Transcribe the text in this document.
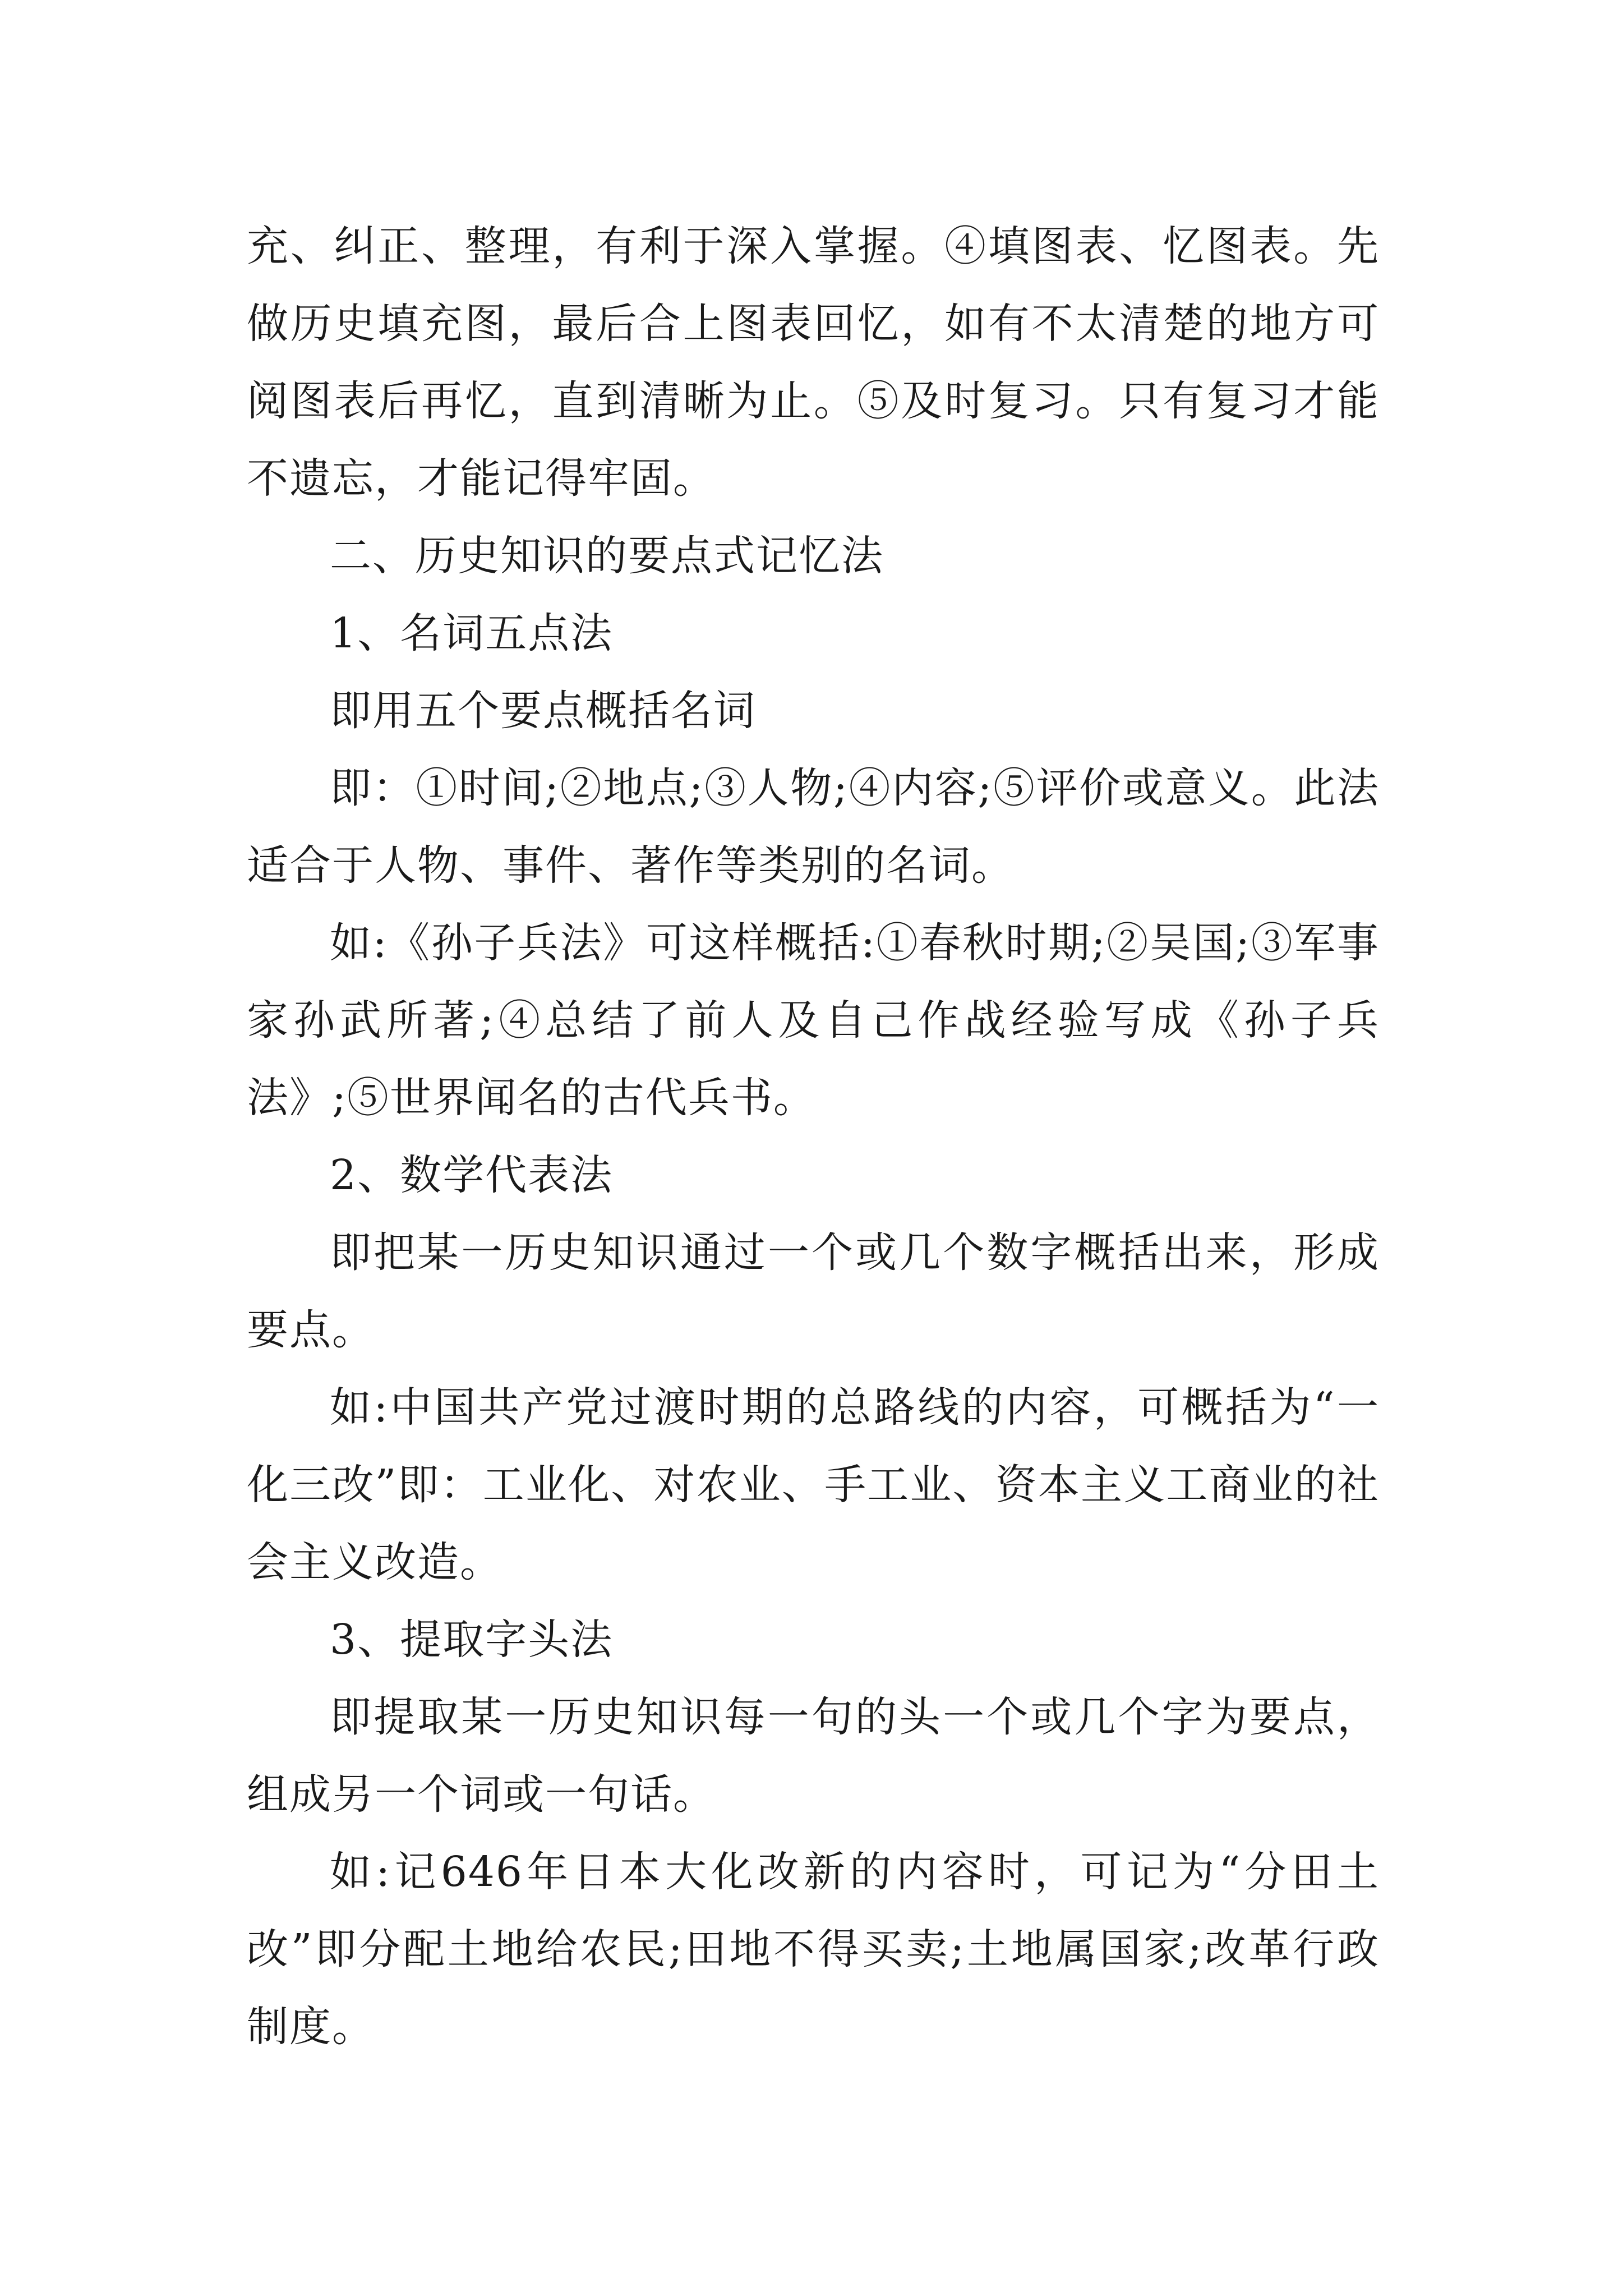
充、纠正、整理，有利于深入掌握。④填图表、忆图表。先做历史填充图，最后合上图表回忆，如有不太清楚的地方可阅图表后再忆，直到清晰为止。⑤及时复习。只有复习才能不遗忘，才能记得牢固。

二、历史知识的要点式记忆法

1、名词五点法

即用五个要点概括名词

即：①时间;②地点;③人物;④内容;⑤评价或意义。此法适合于人物、事件、著作等类别的名词。

如:《孙子兵法》可这样概括:①春秋时期;②吴国;③军事家孙武所著;④总结了前人及自己作战经验写成《孙子兵法》;⑤世界闻名的古代兵书。

2、数学代表法

即把某一历史知识通过一个或几个数字概括出来，形成要点。

如:中国共产党过渡时期的总路线的内容，可概括为“一化三改”即：工业化、对农业、手工业、资本主义工商业的社会主义改造。

3、提取字头法

即提取某一历史知识每一句的头一个或几个字为要点，组成另一个词或一句话。

如:记646年日本大化改新的内容时，可记为“分田土改”即分配土地给农民;田地不得买卖;土地属国家;改革行政制度。
